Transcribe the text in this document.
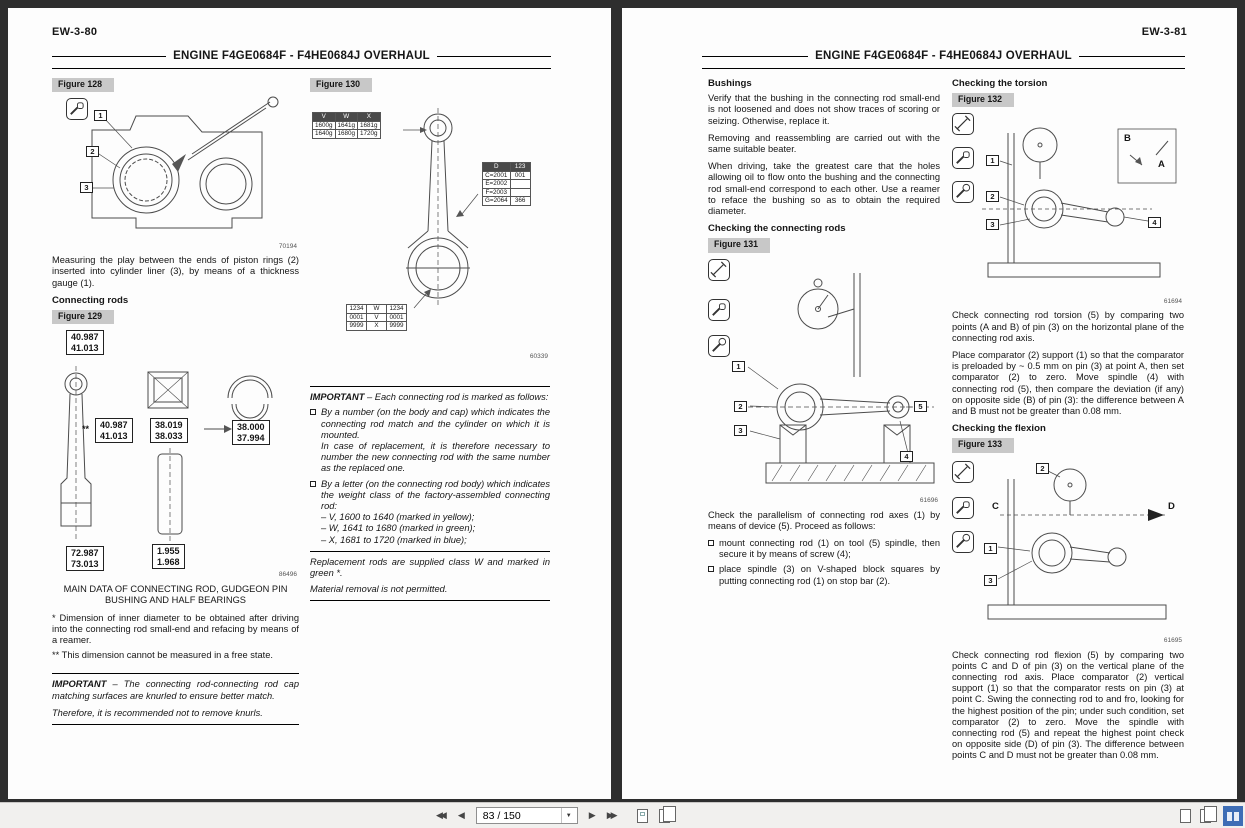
EW-3-80
ENGINE F4GE0684F - F4HE0684J OVERHAUL
Figure 128
1
2
3
70194

Measuring the play between the ends of piston rings (2) inserted into cylinder liner (3), by means of a thickness gauge (1).

Connecting rods
Figure 129
40.987
41.013
** 40.987
41.013
38.019
38.033
38.000
37.994
72.987
73.013
1.955
1.968
86496
MAIN DATA OF CONNECTING ROD, GUDGEON PIN BUSHING AND HALF BEARINGS
* Dimension of inner diameter to be obtained after driving into the connecting rod small-end and refacing by means of a reamer.
** This dimension cannot be measured in a free state.

IMPORTANT – The connecting rod-connecting rod cap matching surfaces are knurled to ensure better match.

Therefore, it is recommended not to remove knurls.

Figure 130
V	W	X
1600g	1641g	1681g
1640g	1680g	1720g
D	123
C=2001	001
E=2002	
F=2003	
G=2064	366
1234	W	1234
0001	V	0001
9999	X	9999
60339

IMPORTANT – Each connecting rod is marked as follows:

By a number (on the body and cap) which indicates the connecting rod match and the cylinder on which it is mounted.
In case of replacement, it is therefore necessary to number the new connecting rod with the same number as the replaced one.
By a letter (on the connecting rod body) which indicates the weight class of the factory-assembled connecting rod:
– V, 1600 to 1640 (marked in yellow);
– W, 1641 to 1680 (marked in green);
– X, 1681 to 1720 (marked in blue);

Replacement rods are supplied class W and marked in green *.

Material removal is not permitted.

EW-3-81
ENGINE F4GE0684F - F4HE0684J OVERHAUL
Bushings

Verify that the bushing in the connecting rod small-end is not loosened and does not show traces of scoring or seizing. Otherwise, replace it.

Removing and reassembling are carried out with the same suitable beater.

When driving, take the greatest care that the holes allowing oil to flow onto the bushing and the connecting rod small-end correspond to each other. Use a reamer to reface the bushing so as to obtain the required diameter.

Checking the connecting rods
Figure 131
1
2
3
4
5
61696

Check the parallelism of connecting rod axes (1) by means of device (5). Proceed as follows:

mount connecting rod (1) on tool (5) spindle, then secure it by means of screw (4);
place spindle (3) on V-shaped block squares by putting connecting rod (1) on stop bar (2).
Checking the torsion
Figure 132
B
A
1
2
3	4
61694

Check connecting rod torsion (5) by comparing two points (A and B) of pin (3) on the horizontal plane of the connecting rod axis.

Place comparator (2) support (1) so that the comparator is preloaded by ~ 0.5 mm on pin (3) at point A, then set comparator (2) to zero. Move spindle (4) with connecting rod (5), then compare the deviation (if any) on opposite side (B) of pin (3): the difference between A and B must not be greater than 0.08 mm.

Checking the flexion
Figure 133
C	D
1
2
3
61695

Check connecting rod flexion (5) by comparing two points C and D of pin (3) on the vertical plane of the connecting rod axis. Place comparator (2) vertical support (1) so that the comparator rests on pin (3) at point C. Swing the connecting rod to and fro, looking for the highest position of the pin; under such condition, set comparator (2) to zero. Move the spindle with connecting rod (5) and repeat the highest point check on opposite side (D) of pin (3). The difference between points C and D must not be greater than 0.08 mm.

◀◀	◀
83 / 150	▼	▶ ▶▶
